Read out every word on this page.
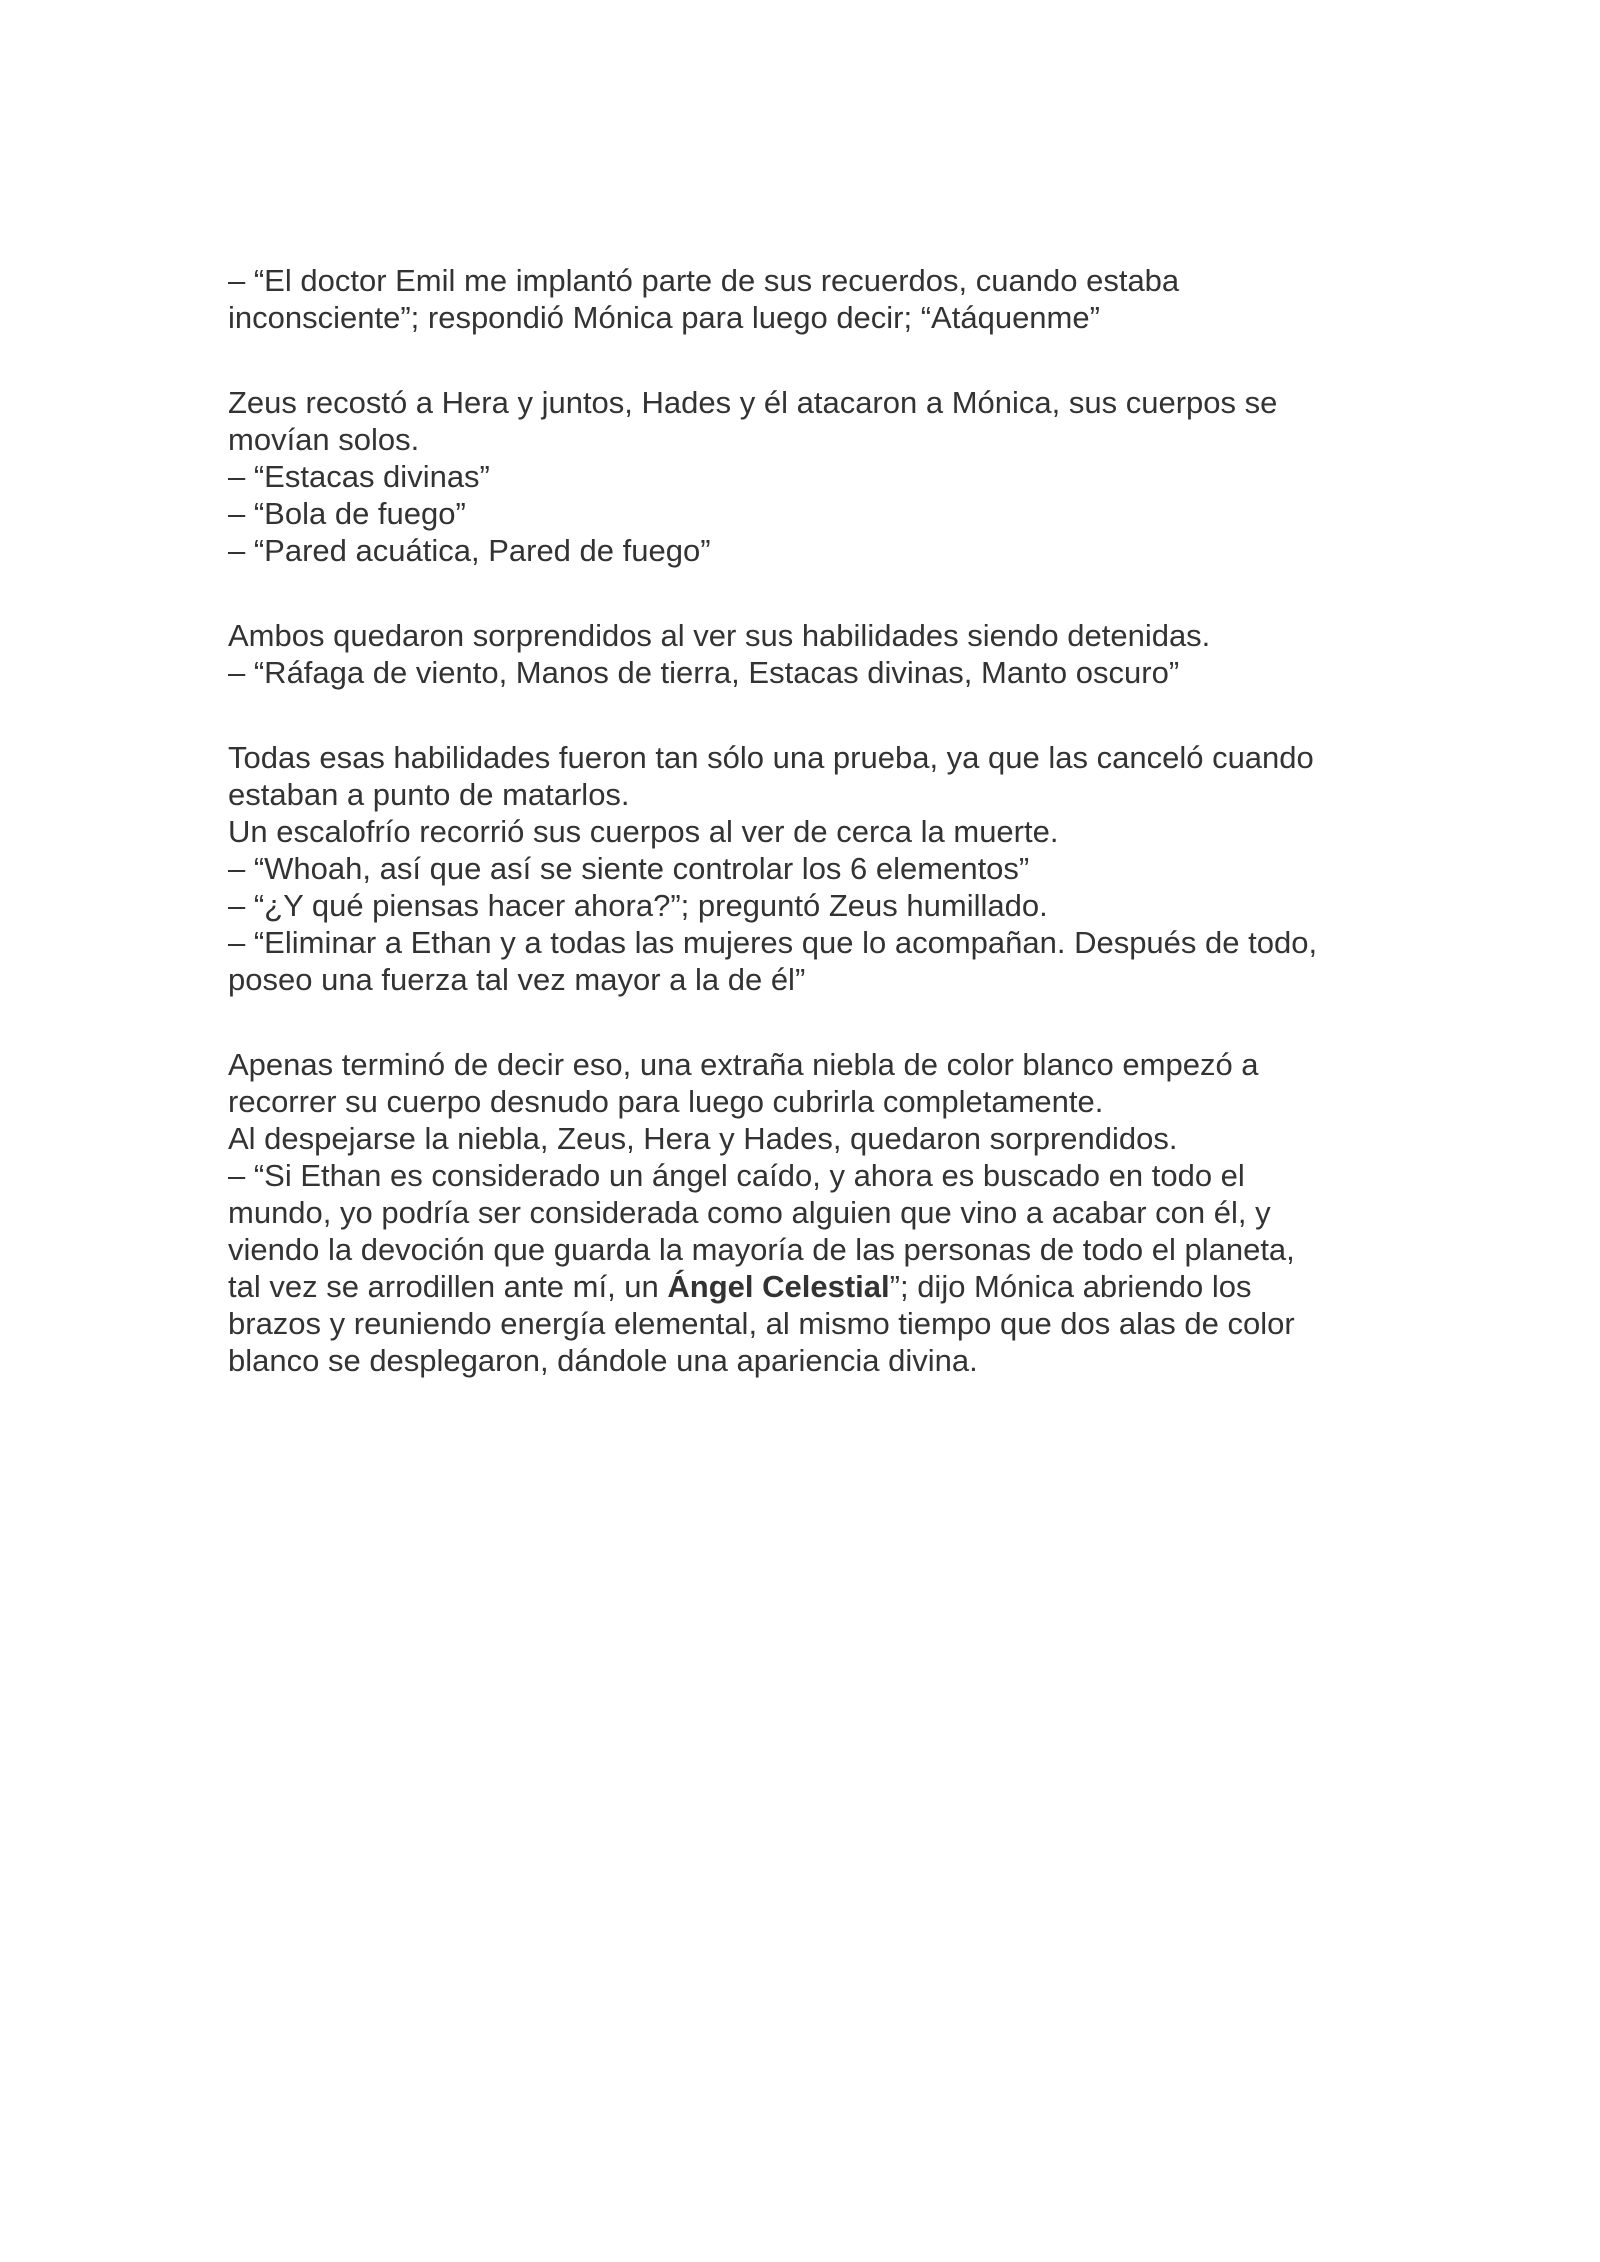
– “El doctor Emil me implantó parte de sus recuerdos, cuando estaba
inconsciente”; respondió Mónica para luego decir; “Atáquenme”

Zeus recostó a Hera y juntos, Hades y él atacaron a Mónica, sus cuerpos se
movían solos.
– “Estacas divinas”
– “Bola de fuego”
– “Pared acuática, Pared de fuego”

Ambos quedaron sorprendidos al ver sus habilidades siendo detenidas.
– “Ráfaga de viento, Manos de tierra, Estacas divinas, Manto oscuro”

Todas esas habilidades fueron tan sólo una prueba, ya que las canceló cuando
estaban a punto de matarlos.
Un escalofrío recorrió sus cuerpos al ver de cerca la muerte.
– “Whoah, así que así se siente controlar los 6 elementos”
– “¿Y qué piensas hacer ahora?”; preguntó Zeus humillado.
– “Eliminar a Ethan y a todas las mujeres que lo acompañan. Después de todo,
poseo una fuerza tal vez mayor a la de él”

Apenas terminó de decir eso, una extraña niebla de color blanco empezó a
recorrer su cuerpo desnudo para luego cubrirla completamente.
Al despejarse la niebla, Zeus, Hera y Hades, quedaron sorprendidos.
– “Si Ethan es considerado un ángel caído, y ahora es buscado en todo el
mundo, yo podría ser considerada como alguien que vino a acabar con él, y
viendo la devoción que guarda la mayoría de las personas de todo el planeta,
tal vez se arrodillen ante mí, un Ángel Celestial”; dijo Mónica abriendo los
brazos y reuniendo energía elemental, al mismo tiempo que dos alas de color
blanco se desplegaron, dándole una apariencia divina.
